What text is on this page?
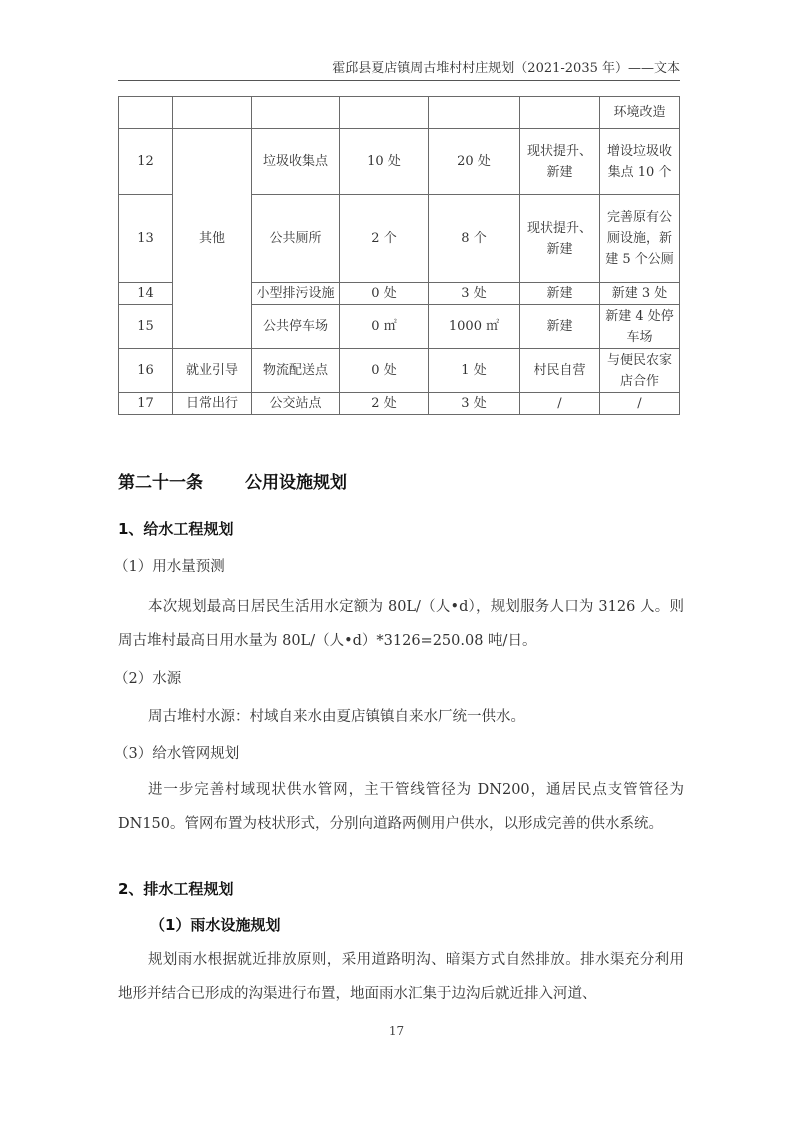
霍邱县夏店镇周古堆村村庄规划（2021-2035 年）——文本
						环境改造
12	其他	垃圾收集点	10 处	20 处	现状提升、新建	增设垃圾收集点 10 个
13		公共厕所	2 个	8 个	现状提升、新建	完善原有公厕设施，新建 5 个公厕
14		小型排污设施	0 处	3 处	新建	新建 3 处
15		公共停车场	0 ㎡	1000 ㎡	新建	新建 4 处停车场
16	就业引导	物流配送点	0 处	1 处	村民自营	与便民农家店合作
17	日常出行	公交站点	2 处	3 处	/	/
第二十一条 公用设施规划
1、给水工程规划
（1）用水量预测
本次规划最高日居民生活用水定额为 80L/（人•d），规划服务人口为 3126 人。则周古堆村最高日用水量为 80L/（人•d）*3126=250.08 吨/日。
（2）水源
周古堆村水源：村域自来水由夏店镇镇自来水厂统一供水。
（3）给水管网规划
进一步完善村域现状供水管网，主干管线管径为 DN200，通居民点支管管径为 DN150。管网布置为枝状形式，分别向道路两侧用户供水，以形成完善的供水系统。
2、排水工程规划
（1）雨水设施规划
规划雨水根据就近排放原则，采用道路明沟、暗渠方式自然排放。排水渠充分利用地形并结合已形成的沟渠进行布置，地面雨水汇集于边沟后就近排入河道、
17
